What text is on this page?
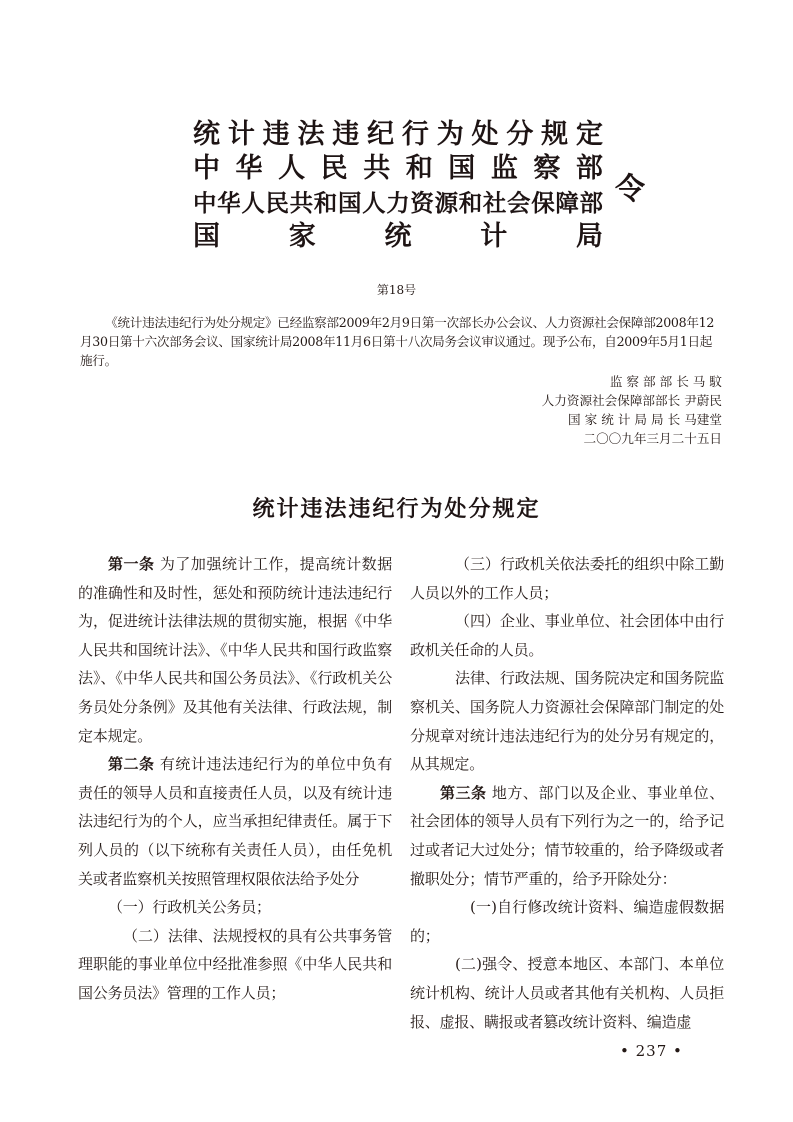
统 计 违 法 违 纪 行 为 处 分 规 定
中 华 人 民 共 和 国 监 察 部
中 华 人 民 共 和 国 人 力 资 源 和 社 会 保 障 部
国	家	统	计	局
令
第18号

《统计违法违纪行为处分规定》已经监察部2009年2月9日第一次部长办公会议、人力资源社会保障部2008年12月30日第十六次部务会议、国家统计局2008年11月6日第十八次局务会议审议通过。现予公布，自2009年5月1日起施行。

监 察 部 部 长 马 馼
人力资源社会保障部部长 尹蔚民
国 家 统 计 局 局 长 马建堂
二〇〇九年三月二十五日
统计违法违纪行为处分规定

第一条 为了加强统计工作，提高统计数据的准确性和及时性，惩处和预防统计违法违纪行为，促进统计法律法规的贯彻实施，根据《中华人民共和国统计法》、《中华人民共和国行政监察法》、《中华人民共和国公务员法》、《行政机关公务员处分条例》及其他有关法律、行政法规，制定本规定。

第二条 有统计违法违纪行为的单位中负有责任的领导人员和直接责任人员，以及有统计违法违纪行为的个人，应当承担纪律责任。属于下列人员的（以下统称有关责任人员），由任免机关或者监察机关按照管理权限依法给予处分

（一）行政机关公务员；

（二）法律、法规授权的具有公共事务管理职能的事业单位中经批准参照《中华人民共和国公务员法》管理的工作人员；

（三）行政机关依法委托的组织中除工勤人员以外的工作人员；

（四）企业、事业单位、社会团体中由行政机关任命的人员。

法律、行政法规、国务院决定和国务院监察机关、国务院人力资源社会保障部门制定的处分规章对统计违法违纪行为的处分另有规定的，从其规定。

第三条 地方、部门以及企业、事业单位、社会团体的领导人员有下列行为之一的，给予记过或者记大过处分；情节较重的，给予降级或者撤职处分；情节严重的，给予开除处分：

(一)自行修改统计资料、编造虚假数据的；

(二)强令、授意本地区、本部门、本单位统计机构、统计人员或者其他有关机构、人员拒报、虚报、瞒报或者篡改统计资料、编造虚

• 237 •
